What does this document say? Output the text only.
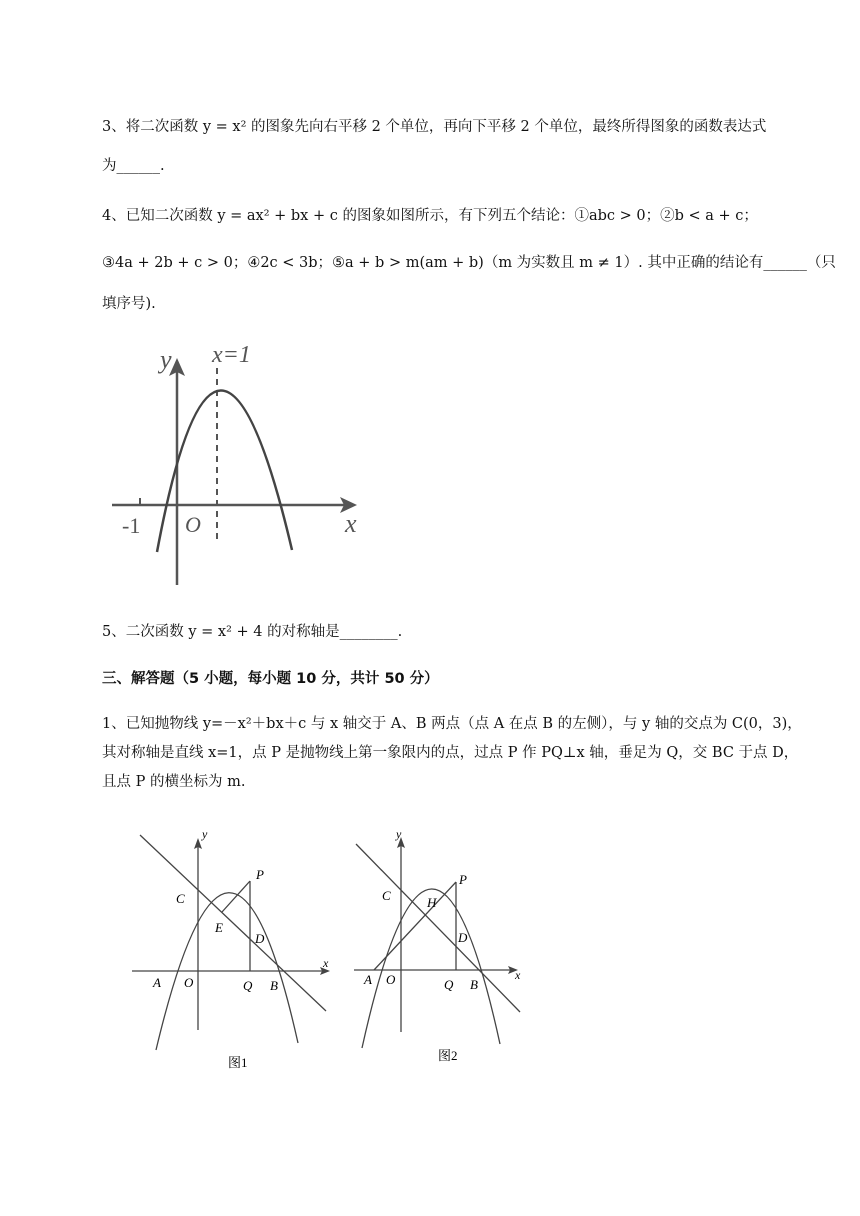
3、将二次函数 y = x² 的图象先向右平移 2 个单位，再向下平移 2 个单位，最终所得图象的函数表达式
为______.
4、已知二次函数 y = ax² + bx + c 的图象如图所示，有下列五个结论：①abc > 0；②b < a + c；
③4a + 2b + c > 0；④2c < 3b；⑤a + b > m(am + b)（m 为实数且 m ≠ 1）. 其中正确的结论有______（只
填序号).
y
x
x=1
-1 O
5、二次函数 y = x² + 4 的对称轴是________.
三、解答题（5 小题，每小题 10 分，共计 50 分）
1、已知抛物线 y=－x²＋bx＋c 与 x 轴交于 A、B 两点（点 A 在点 B 的左侧），与 y 轴的交点为 C(0，3)，
其对称轴是直线 x=1，点 P 是抛物线上第一象限内的点，过点 P 作 PQ⊥x 轴，垂足为 Q，交 BC 于点 D，
且点 P 的横坐标为 m.
y
x
C
P
E
D
A O	Q B
图1
y
x
C
P
H
D
A O	Q B
图2
